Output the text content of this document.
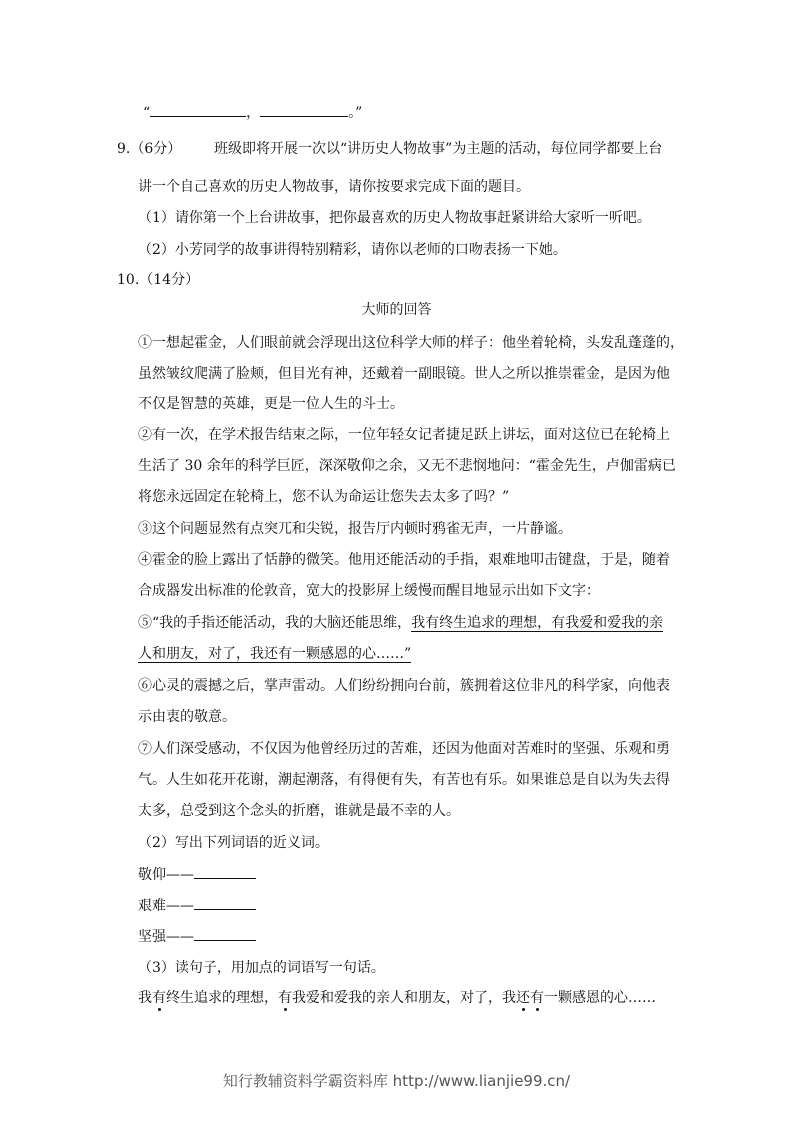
“	，	。”
9.（6分） 班级即将开展一次以“讲历史人物故事”为主题的活动，每位同学都要上台
讲一个自己喜欢的历史人物故事，请你按要求完成下面的题目。
（1）请你第一个上台讲故事，把你最喜欢的历史人物故事赶紧讲给大家听一听吧。
（2）小芳同学的故事讲得特别精彩，请你以老师的口吻表扬一下她。
10.（14分）
大师的回答
①一想起霍金，人们眼前就会浮现出这位科学大师的样子：他坐着轮椅，头发乱蓬蓬的，
虽然皱纹爬满了脸颊，但目光有神，还戴着一副眼镜。世人之所以推崇霍金，是因为他
不仅是智慧的英雄，更是一位人生的斗士。
②有一次，在学术报告结束之际，一位年轻女记者捷足跃上讲坛，面对这位已在轮椅上
生活了 30 余年的科学巨匠，深深敬仰之余，又无不悲悯地问：“霍金先生，卢伽雷病已
将您永远固定在轮椅上，您不认为命运让您失去太多了吗？”
③这个问题显然有点突兀和尖锐，报告厅内顿时鸦雀无声，一片静谧。
④霍金的脸上露出了恬静的微笑。他用还能活动的手指，艰难地叩击键盘，于是，随着
合成器发出标准的伦敦音，宽大的投影屏上缓慢而醒目地显示出如下文字：
⑤“我的手指还能活动，我的大脑还能思维，我有终生追求的理想，有我爱和爱我的亲
人和朋友，对了，我还有一颗感恩的心……”
⑥心灵的震撼之后，掌声雷动。人们纷纷拥向台前，簇拥着这位非凡的科学家，向他表
示由衷的敬意。
⑦人们深受感动，不仅因为他曾经历过的苦难，还因为他面对苦难时的坚强、乐观和勇
气。人生如花开花谢，潮起潮落，有得便有失，有苦也有乐。如果谁总是自以为失去得
太多，总受到这个念头的折磨，谁就是最不幸的人。
（2）写出下列词语的近义词。
敬仰——
艰难——
坚强——
（3）读句子，用加点的词语写一句话。
我有终生追求的理想，有我爱和爱我的亲人和朋友，对了，我还有一颗感恩的心……
知行教辅资料学霸资料库 http://www.lianjie99.cn/
